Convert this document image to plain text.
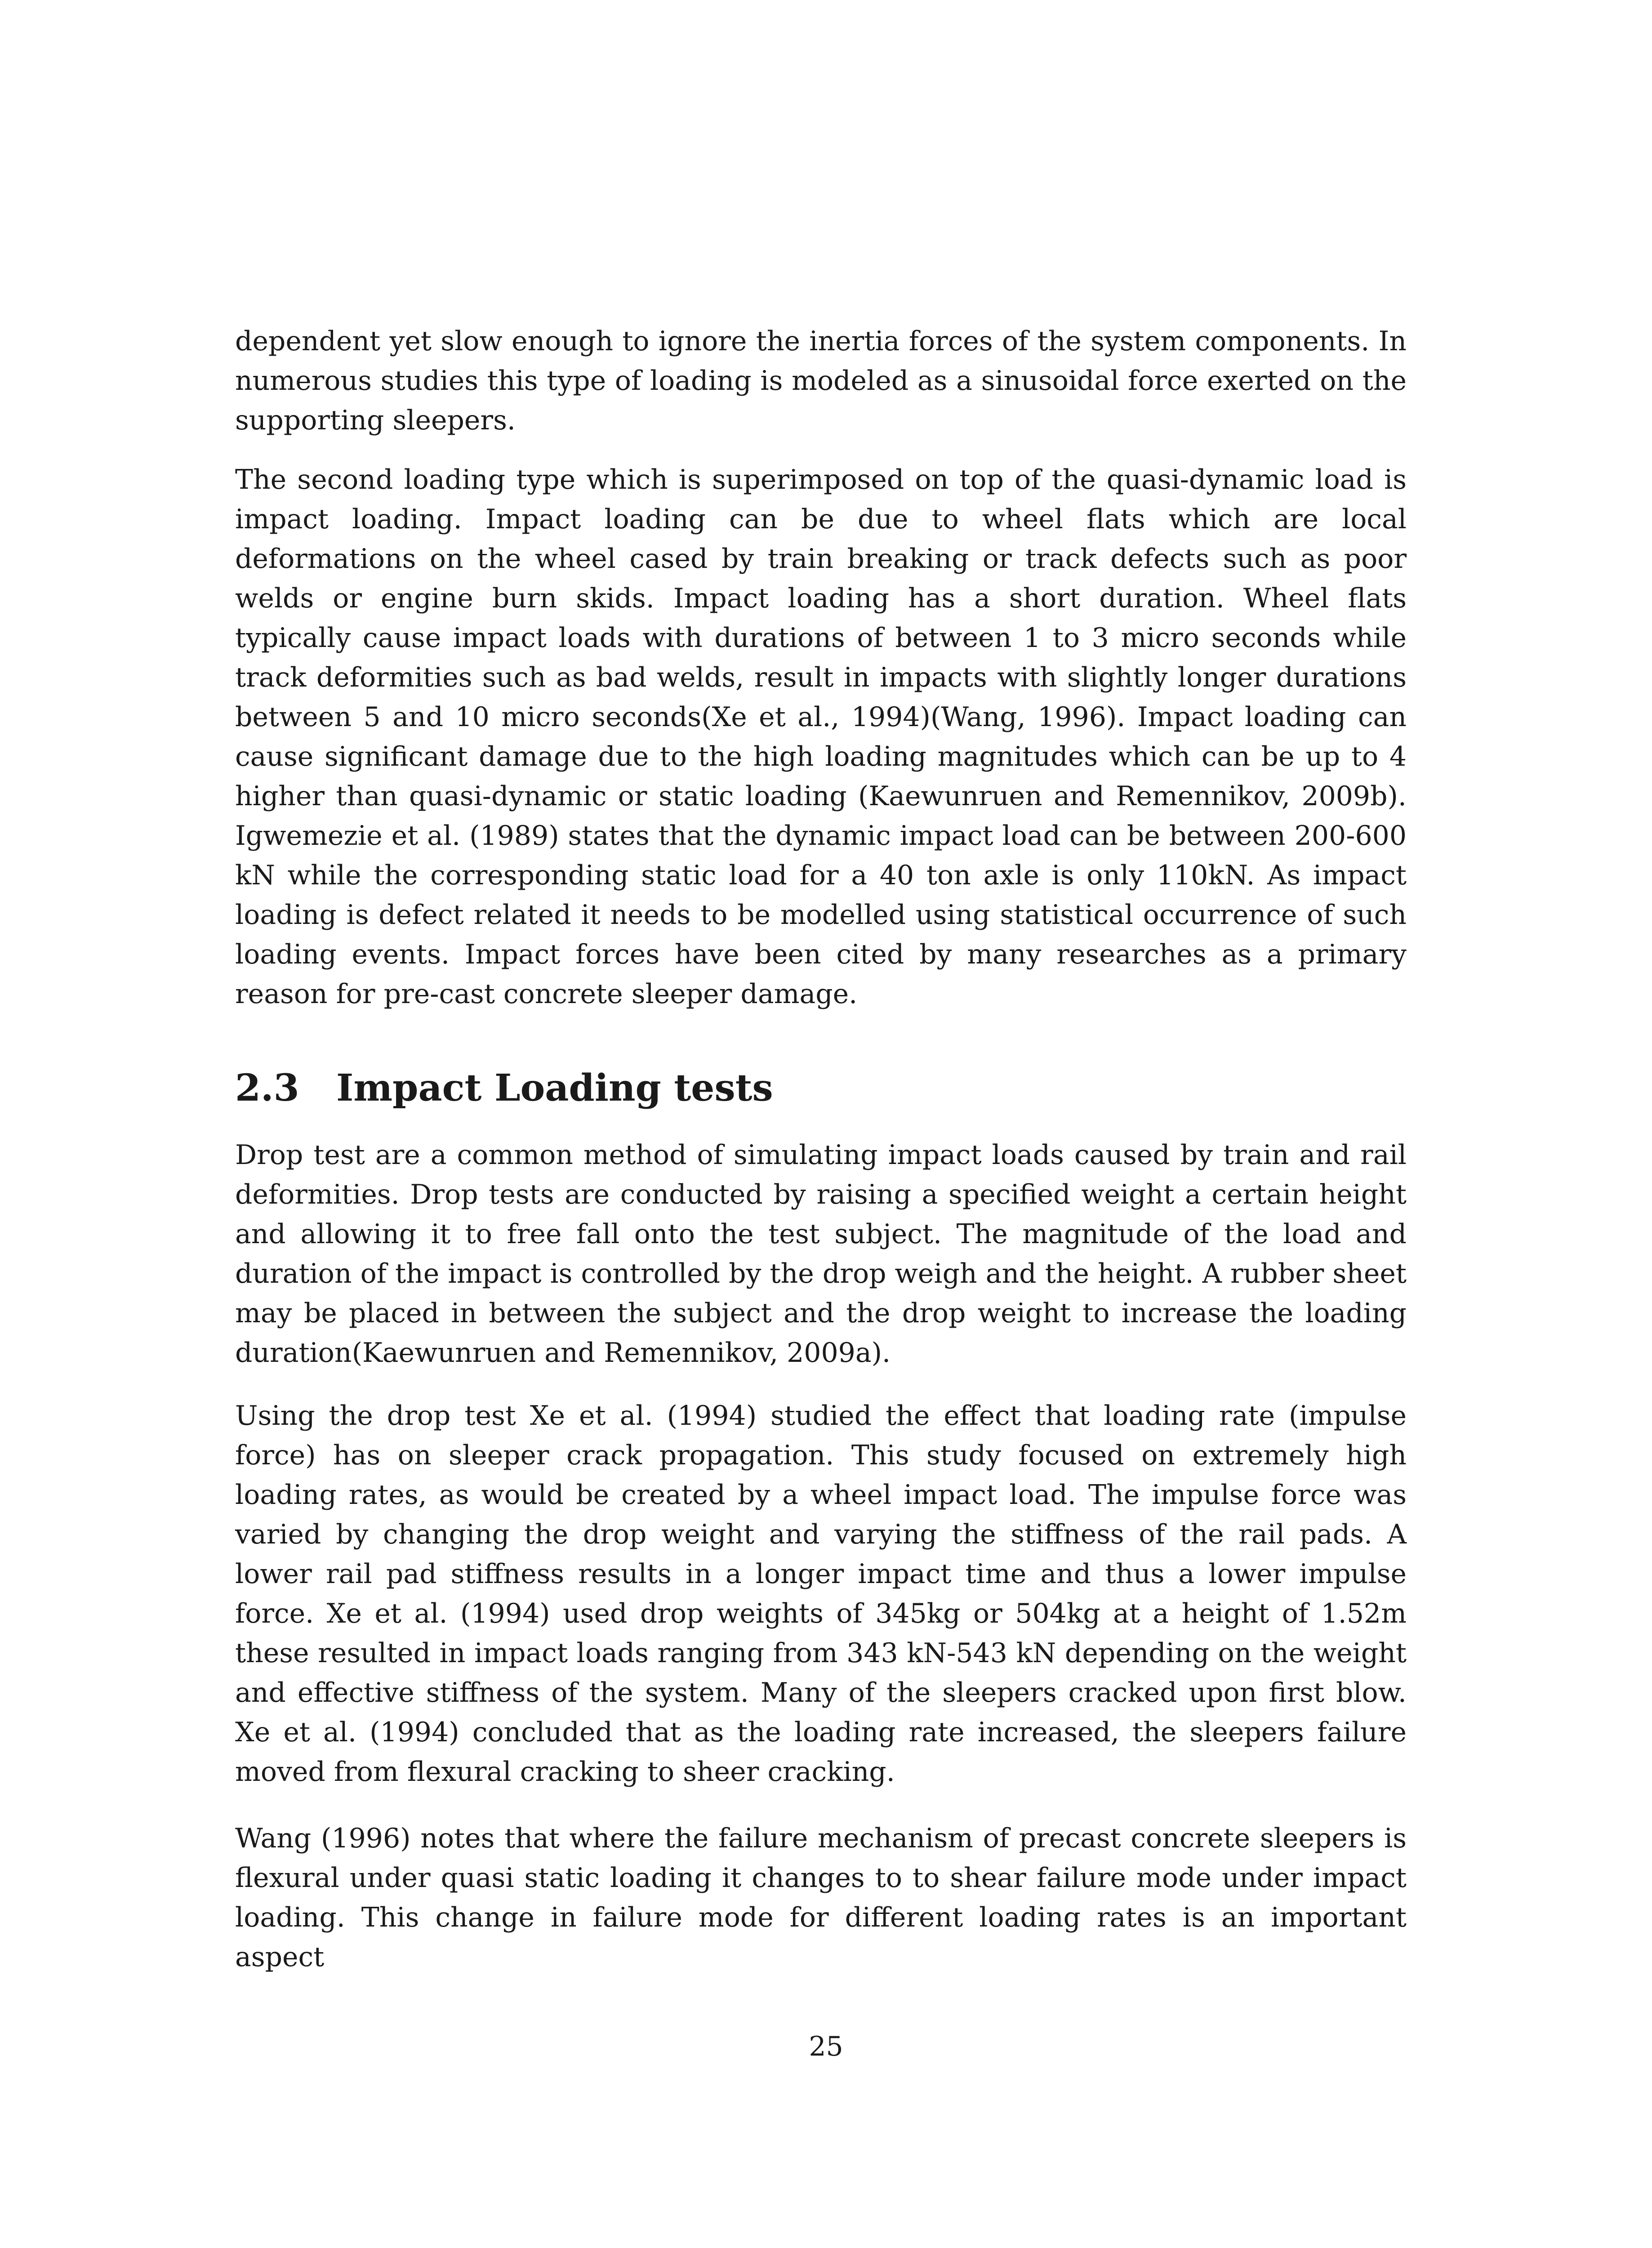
dependent yet slow enough to ignore the inertia forces of the system components. In numerous studies this type of loading is modeled as a sinusoidal force exerted on the supporting sleepers.

The second loading type which is superimposed on top of the quasi-dynamic load is impact loading. Impact loading can be due to wheel flats which are local deformations on the wheel cased by train breaking or track defects such as poor welds or engine burn skids. Impact loading has a short duration. Wheel flats typically cause impact loads with durations of between 1 to 3 micro seconds while track deformities such as bad welds, result in impacts with slightly longer durations between 5 and 10 micro seconds(Xe et al., 1994)(Wang, 1996). Impact loading can cause significant damage due to the high loading magnitudes which can be up to 4 higher than quasi-dynamic or static loading (Kaewunruen and Remennikov, 2009b). Igwemezie et al. (1989) states that the dynamic impact load can be between 200-600 kN while the corresponding static load for a 40 ton axle is only 110kN. As impact loading is defect related it needs to be modelled using statistical occurrence of such loading events. Impact forces have been cited by many researches as a primary reason for pre-cast concrete sleeper damage.

2.3 Impact Loading tests

Drop test are a common method of simulating impact loads caused by train and rail deformities. Drop tests are conducted by raising a specified weight a certain height and allowing it to free fall onto the test subject. The magnitude of the load and duration of the impact is controlled by the drop weigh and the height. A rubber sheet may be placed in between the subject and the drop weight to increase the loading duration(Kaewunruen and Remennikov, 2009a).

Using the drop test Xe et al. (1994) studied the effect that loading rate (impulse force) has on sleeper crack propagation. This study focused on extremely high loading rates, as would be created by a wheel impact load. The impulse force was varied by changing the drop weight and varying the stiffness of the rail pads. A lower rail pad stiffness results in a longer impact time and thus a lower impulse force. Xe et al. (1994) used drop weights of 345kg or 504kg at a height of 1.52m these resulted in impact loads ranging from 343 kN-543 kN depending on the weight and effective stiffness of the system. Many of the sleepers cracked upon first blow. Xe et al. (1994) concluded that as the loading rate increased, the sleepers failure moved from flexural cracking to sheer cracking.

Wang (1996) notes that where the failure mechanism of precast concrete sleepers is flexural under quasi static loading it changes to to shear failure mode under impact loading. This change in failure mode for different loading rates is an important aspect

25
